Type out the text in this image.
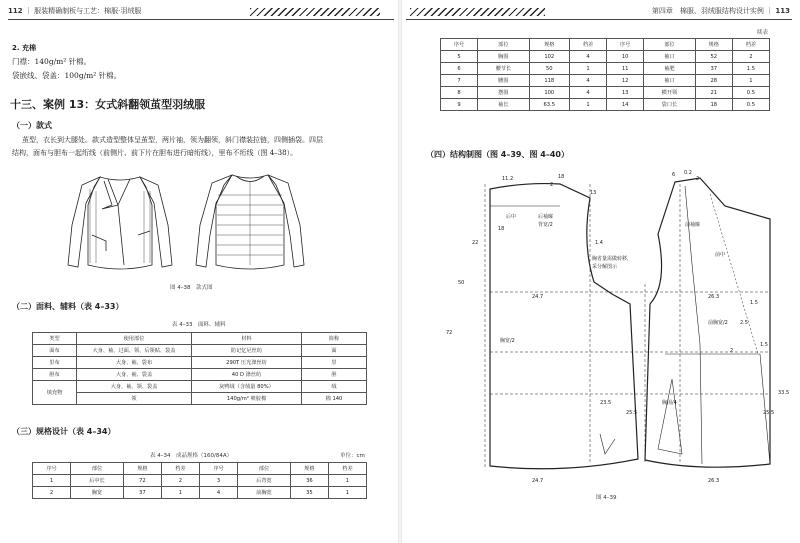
112 ｜ 服装精确制板与工艺：棉服·羽绒服
2. 充棉
门襟：140g/m² 针棉。
袋嵌线、袋盖：100g/m² 针棉。
十三、案例 13：女式斜翻领茧型羽绒服
（一）款式
茧型，衣长到大腿处。款式造型整体呈茧型，两片袖，领为翻领，斜门襟装拉链，四侧插袋。四层
结构，面布与胆布一起绗线（前侧片、前下片在胆布进行暗绗线），里布不绗线（图 4–38）。
图 4–38　款式图
（二）面料、辅料（表 4–33）
表 4–33　面料、辅料
类型	使用部位	材料	简称
面布	大身、袖、过面、领、后领贴、袋盖	防记忆尼丝纺	面
里布	大身、袖、袋布	290T 压光涤丝纺	里
胆布	大身、袖、袋盖	40 D 涤丝纺	胆
填充物	大身、袖、领、袋盖	灰鸭绒（含绒量 80%）	绒
	领	140g/m² 喷胶棉	棉 140
（三）规格设计（表 4–34）
表 4–34　成品规格（160/84A）	单位：cm
序号	部位	规格	档差	序号	部位	规格	档差
1	后中长	72	2	3	后背宽	36	1
2	胸宽	37	1	4	前胸宽	35	1
第四章　棉服、羽绒服结构设计实例 ｜ 113
续表
序号	部位	规格	档差	序号	部位	规格	档差
5	胸围	102	4	10	袖口	52	2
6	腰节长	50	1	11	袖肥	37	1.5
7	腰围	118	4	12	袖口	28	1
8	摆围	100	4	13	横开领	21	0.5
9	袖长	63.5	1	14	袋口长	18	0.5
（四）结构制图（图 4–39、图 4–40）
11.2	18
2
6 0.2
2
72
50
22
18
33.5
25.5
23.5
25.5
24.7	26.3
24.7	26.3
1.4
2
2.5
1.5
13
1.5
胸省量需做转移，
采分解图示
后中
前中
前袖窿
后袖窿
胸宽/2
前胸宽/2
胸围/4
背宽/2
图 4–39
